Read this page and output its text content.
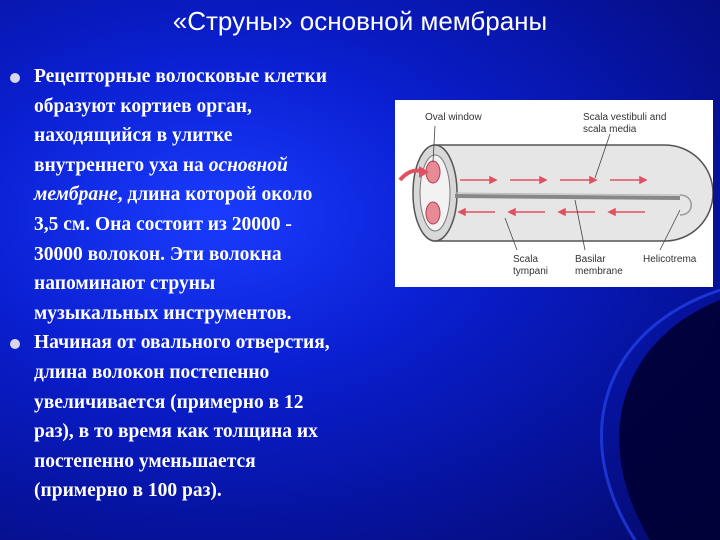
«Струны» основной мембраны
Рецепторные волосковые клетки
образуют кортиев орган,
находящийся в улитке
внутреннего уха на основной
мембране, длина которой около
3,5 см. Она состоит из 20000 -
30000 волокон. Эти волокна
напоминают струны
музыкальных инструментов.
Начиная от овального отверстия,
длина волокон постепенно
увеличивается (примерно в 12
раз), в то время как толщина их
постепенно уменьшается
(примерно в 100 раз).
Oval window	Scala vestibuli and
scala media
Scala
tympani
Basilar
membrane
Helicotrema
